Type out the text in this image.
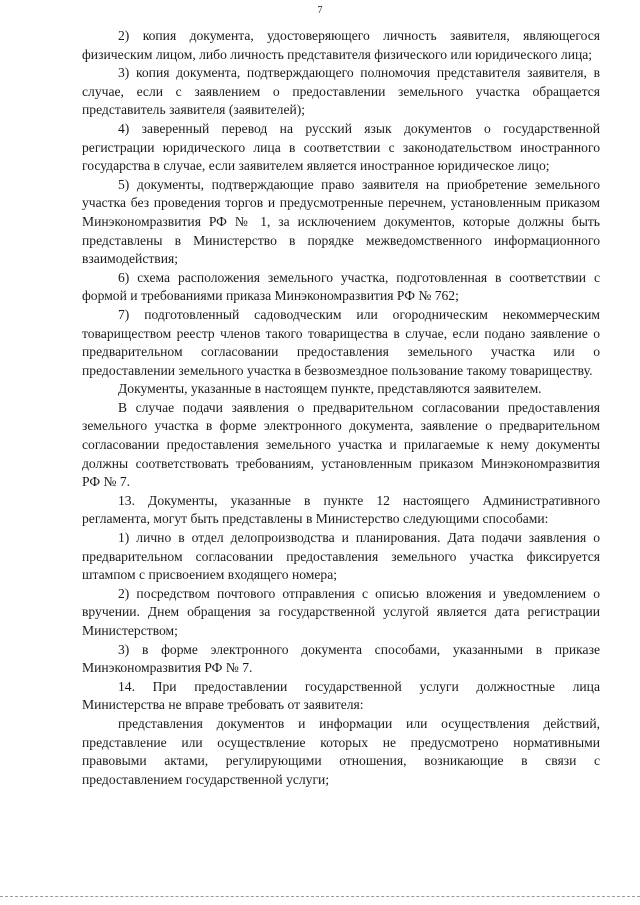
7

2) копия документа, удостоверяющего личность заявителя, являющегося физическим лицом, либо личность представителя физического или юридического лица;

3) копия документа, подтверждающего полномочия представителя заявителя, в случае, если с заявлением о предоставлении земельного участка обращается представитель заявителя (заявителей);

4) заверенный перевод на русский язык документов о государственной регистрации юридического лица в соответствии с законодательством иностранного государства в случае, если заявителем является иностранное юридическое лицо;

5) документы, подтверждающие право заявителя на приобретение земельного участка без проведения торгов и предусмотренные перечнем, установленным приказом Минэкономразвития РФ № 1, за исключением документов, которые должны быть представлены в Министерство в порядке межведомственного информационного взаимодействия;

6) схема расположения земельного участка, подготовленная в соответствии с формой и требованиями приказа Минэкономразвития РФ № 762;

7) подготовленный садоводческим или огородническим некоммерческим товариществом реестр членов такого товарищества в случае, если подано заявление о предварительном согласовании предоставления земельного участка или о предоставлении земельного участка в безвозмездное пользование такому товариществу.

Документы, указанные в настоящем пункте, представляются заявителем.

В случае подачи заявления о предварительном согласовании предоставления земельного участка в форме электронного документа, заявление о предварительном согласовании предоставления земельного участка и прилагаемые к нему документы должны соответствовать требованиям, установленным приказом Минэкономразвития РФ № 7.

13. Документы, указанные в пункте 12 настоящего Административного регламента, могут быть представлены в Министерство следующими способами:

1) лично в отдел делопроизводства и планирования. Дата подачи заявления о предварительном согласовании предоставления земельного участка фиксируется штампом с присвоением входящего номера;

2) посредством почтового отправления с описью вложения и уведомлением о вручении. Днем обращения за государственной услугой является дата регистрации Министерством;

3) в форме электронного документа способами, указанными в приказе Минэкономразвития РФ № 7.

14. При предоставлении государственной услуги должностные лица Министерства не вправе требовать от заявителя:

представления документов и информации или осуществления действий, представление или осуществление которых не предусмотрено нормативными правовыми актами, регулирующими отношения, возникающие в связи с предоставлением государственной услуги;
